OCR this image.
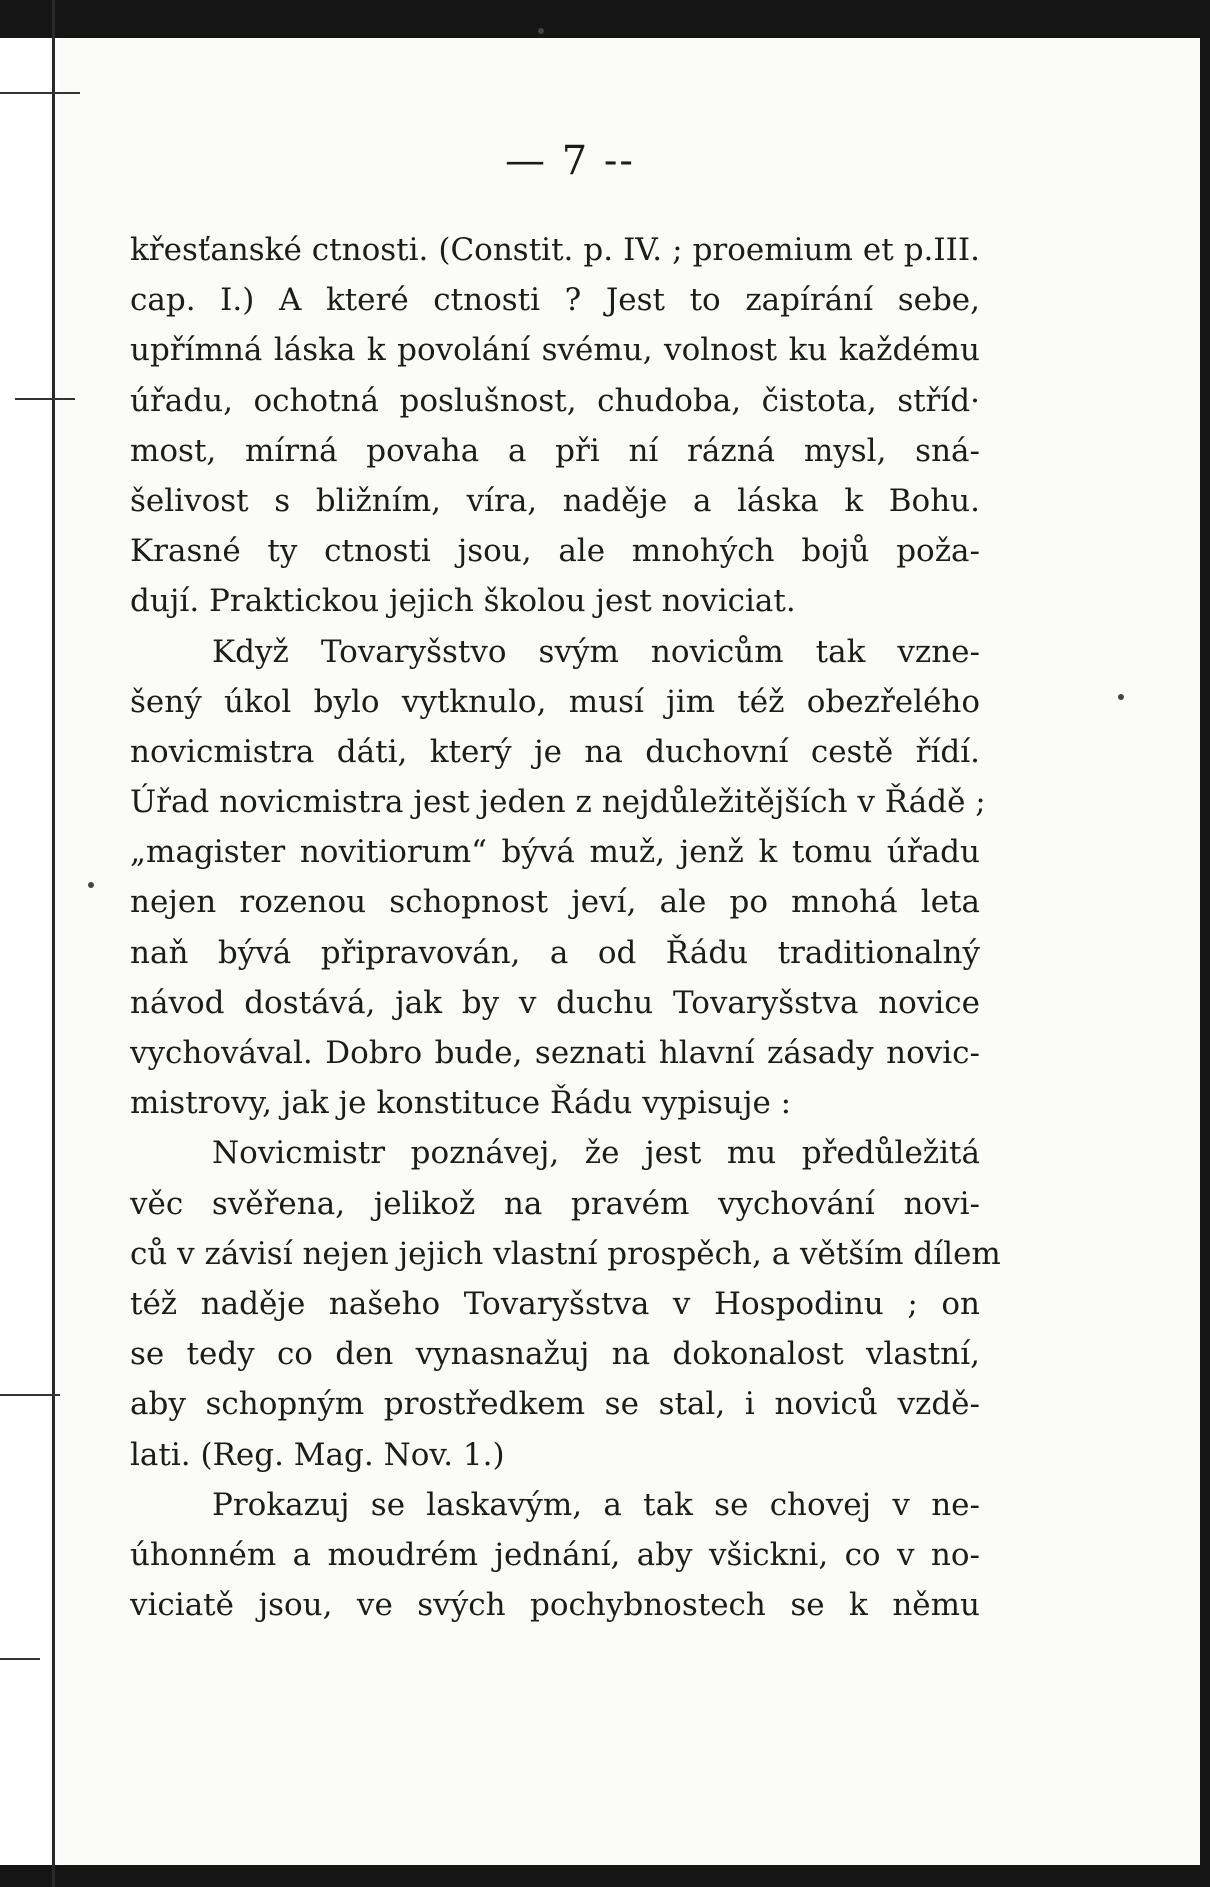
— 7 --
křesťanské ctnosti. (Constit. p. IV. ; proemium et p.III.
cap. I.) A které ctnosti ? Jest to zapírání sebe,
upřímná láska k povolání svému, volnost ku každému
úřadu, ochotná poslušnost, chudoba, čistota, stříd·
most, mírná povaha a při ní rázná mysl, sná-
šelivost s bližním, víra, naděje a láska k Bohu.
Krasné ty ctnosti jsou, ale mnohých bojů poža-
dují. Praktickou jejich školou jest noviciat.
Když Tovaryšstvo svým novicům tak vzne-
šený úkol bylo vytknulo, musí jim též obezřelého
novicmistra dáti, který je na duchovní cestě řídí.
Úřad novicmistra jest jeden z nejdůležitějších v Řádě ;
„magister novitiorum“ bývá muž, jenž k tomu úřadu
nejen rozenou schopnost jeví, ale po mnohá leta
naň bývá připravován, a od Řádu traditionalný
návod dostává, jak by v duchu Tovaryšstva novice
vychovával. Dobro bude, seznati hlavní zásady novic-
mistrovy, jak je konstituce Řádu vypisuje :
Novicmistr poznávej, že jest mu předůležitá
věc svěřena, jelikož na pravém vychování novi-
ců v závisí nejen jejich vlastní prospěch, a větším dílem
též naděje našeho Tovaryšstva v Hospodinu ; on
se tedy co den vynasnažuj na dokonalost vlastní,
aby schopným prostředkem se stal, i noviců vzdě-
lati. (Reg. Mag. Nov. 1.)
Prokazuj se laskavým, a tak se chovej v ne-
úhonném a moudrém jednání, aby všickni, co v no-
viciatě jsou, ve svých pochybnostech se k němu
